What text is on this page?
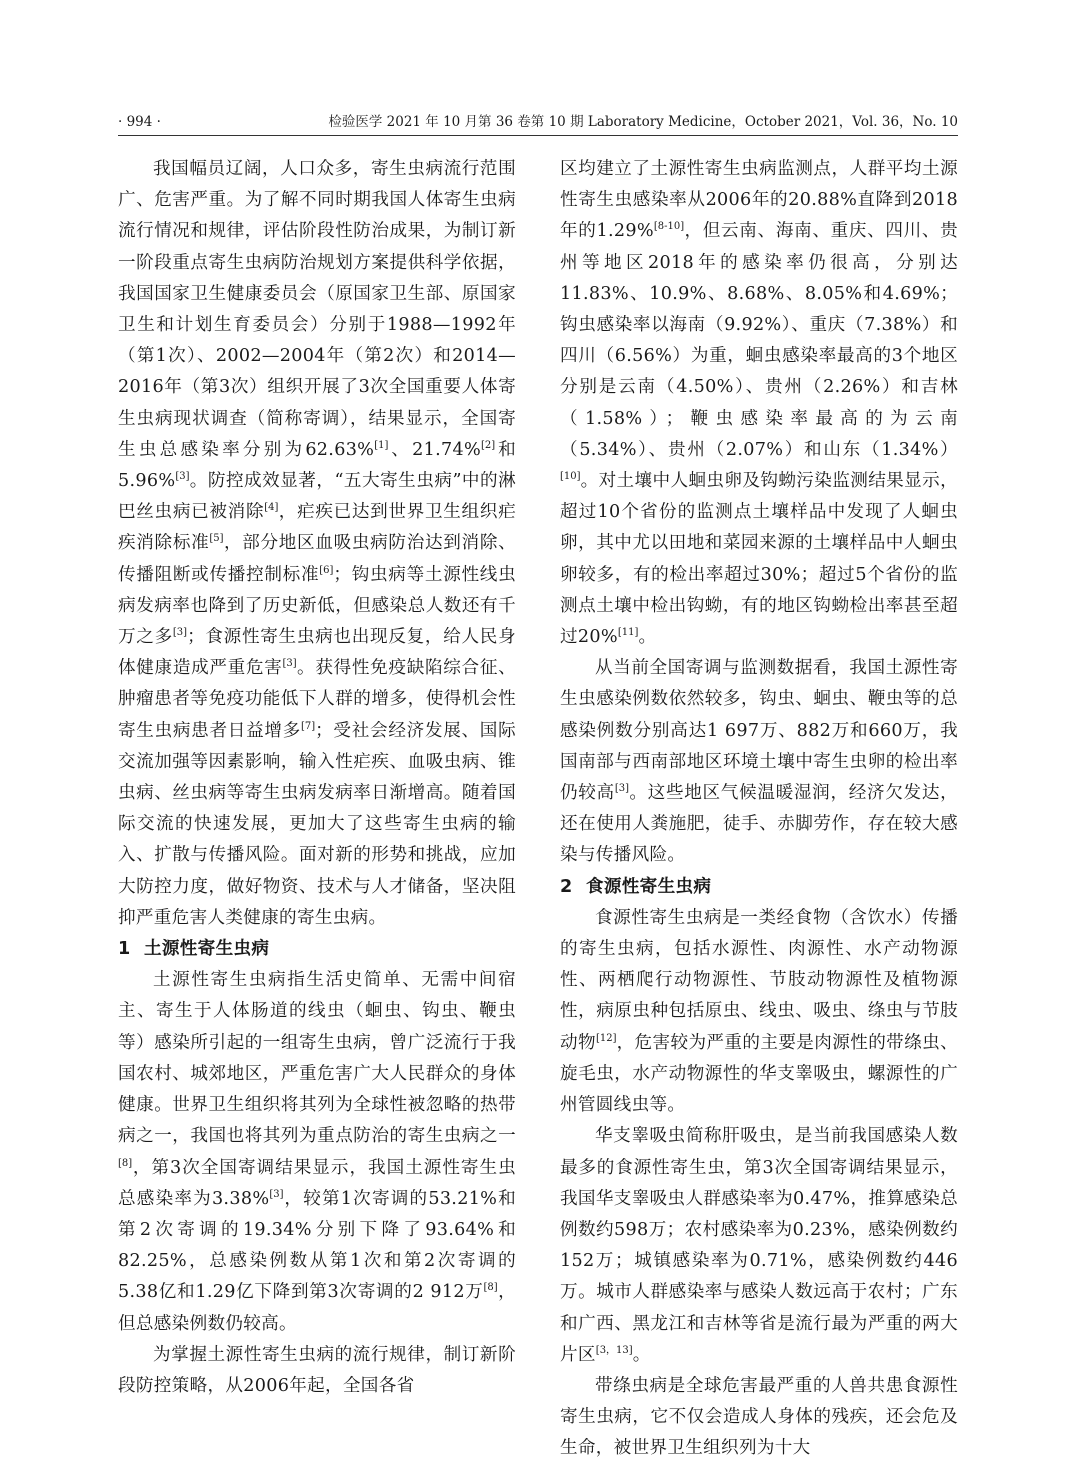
· 994 ·	检验医学 2021 年 10 月第 36 卷第 10 期 Laboratory Medicine，October 2021，Vol. 36，No. 10

我国幅员辽阔，人口众多，寄生虫病流行范围广、危害严重。为了解不同时期我国人体寄生虫病流行情况和规律，评估阶段性防治成果，为制订新一阶段重点寄生虫病防治规划方案提供科学依据，我国国家卫生健康委员会（原国家卫生部、原国家卫生和计划生育委员会）分别于1988—1992年（第1次）、2002—2004年（第2次）和2014—2016年（第3次）组织开展了3次全国重要人体寄生虫病现状调查（简称寄调），结果显示，全国寄生虫总感染率分别为62.63%[1]、21.74%[2]和5.96%[3]。防控成效显著，“五大寄生虫病”中的淋巴丝虫病已被消除[4]，疟疾已达到世界卫生组织疟疾消除标准[5]，部分地区血吸虫病防治达到消除、传播阻断或传播控制标准[6]；钩虫病等土源性线虫病发病率也降到了历史新低，但感染总人数还有千万之多[3]；食源性寄生虫病也出现反复，给人民身体健康造成严重危害[3]。获得性免疫缺陷综合征、肿瘤患者等免疫功能低下人群的增多，使得机会性寄生虫病患者日益增多[7]；受社会经济发展、国际交流加强等因素影响，输入性疟疾、血吸虫病、锥虫病、丝虫病等寄生虫病发病率日渐增高。随着国际交流的快速发展，更加大了这些寄生虫病的输入、扩散与传播风险。面对新的形势和挑战，应加大防控力度，做好物资、技术与人才储备，坚决阻抑严重危害人类健康的寄生虫病。

1 土源性寄生虫病

土源性寄生虫病指生活史简单、无需中间宿主、寄生于人体肠道的线虫（蛔虫、钩虫、鞭虫等）感染所引起的一组寄生虫病，曾广泛流行于我国农村、城郊地区，严重危害广大人民群众的身体健康。世界卫生组织将其列为全球性被忽略的热带病之一，我国也将其列为重点防治的寄生虫病之一[8]，第3次全国寄调结果显示，我国土源性寄生虫总感染率为3.38%[3]，较第1次寄调的53.21%和第2次寄调的19.34%分别下降了93.64%和82.25%，总感染例数从第1次和第2次寄调的5.38亿和1.29亿下降到第3次寄调的2 912万[8]，但总感染例数仍较高。

为掌握土源性寄生虫病的流行规律，制订新阶段防控策略，从2006年起，全国各省

区均建立了土源性寄生虫病监测点，人群平均土源性寄生虫感染率从2006年的20.88%直降到2018年的1.29%[8-10]，但云南、海南、重庆、四川、贵州等地区2018年的感染率仍很高，分别达11.83%、10.9%、8.68%、8.05%和4.69%；钩虫感染率以海南（9.92%）、重庆（7.38%）和四川（6.56%）为重，蛔虫感染率最高的3个地区分别是云南（4.50%）、贵州（2.26%）和吉林（1.58%）；鞭虫感染率最高的为云南（5.34%）、贵州（2.07%）和山东（1.34%）[10]。对土壤中人蛔虫卵及钩蚴污染监测结果显示，超过10个省份的监测点土壤样品中发现了人蛔虫卵，其中尤以田地和菜园来源的土壤样品中人蛔虫卵较多，有的检出率超过30%；超过5个省份的监测点土壤中检出钩蚴，有的地区钩蚴检出率甚至超过20%[11]。

从当前全国寄调与监测数据看，我国土源性寄生虫感染例数依然较多，钩虫、蛔虫、鞭虫等的总感染例数分别高达1 697万、882万和660万，我国南部与西南部地区环境土壤中寄生虫卵的检出率仍较高[3]。这些地区气候温暖湿润，经济欠发达，还在使用人粪施肥，徒手、赤脚劳作，存在较大感染与传播风险。

2 食源性寄生虫病

食源性寄生虫病是一类经食物（含饮水）传播的寄生虫病，包括水源性、肉源性、水产动物源性、两栖爬行动物源性、节肢动物源性及植物源性，病原虫种包括原虫、线虫、吸虫、绦虫与节肢动物[12]，危害较为严重的主要是肉源性的带绦虫、旋毛虫，水产动物源性的华支睾吸虫，螺源性的广州管圆线虫等。

华支睾吸虫简称肝吸虫，是当前我国感染人数最多的食源性寄生虫，第3次全国寄调结果显示，我国华支睾吸虫人群感染率为0.47%，推算感染总例数约598万；农村感染率为0.23%，感染例数约152万；城镇感染率为0.71%，感染例数约446万。城市人群感染率与感染人数远高于农村；广东和广西、黑龙江和吉林等省是流行最为严重的两大片区[3，13]。

带绦虫病是全球危害最严重的人兽共患食源性寄生虫病，它不仅会造成人身体的残疾，还会危及生命，被世界卫生组织列为十大
